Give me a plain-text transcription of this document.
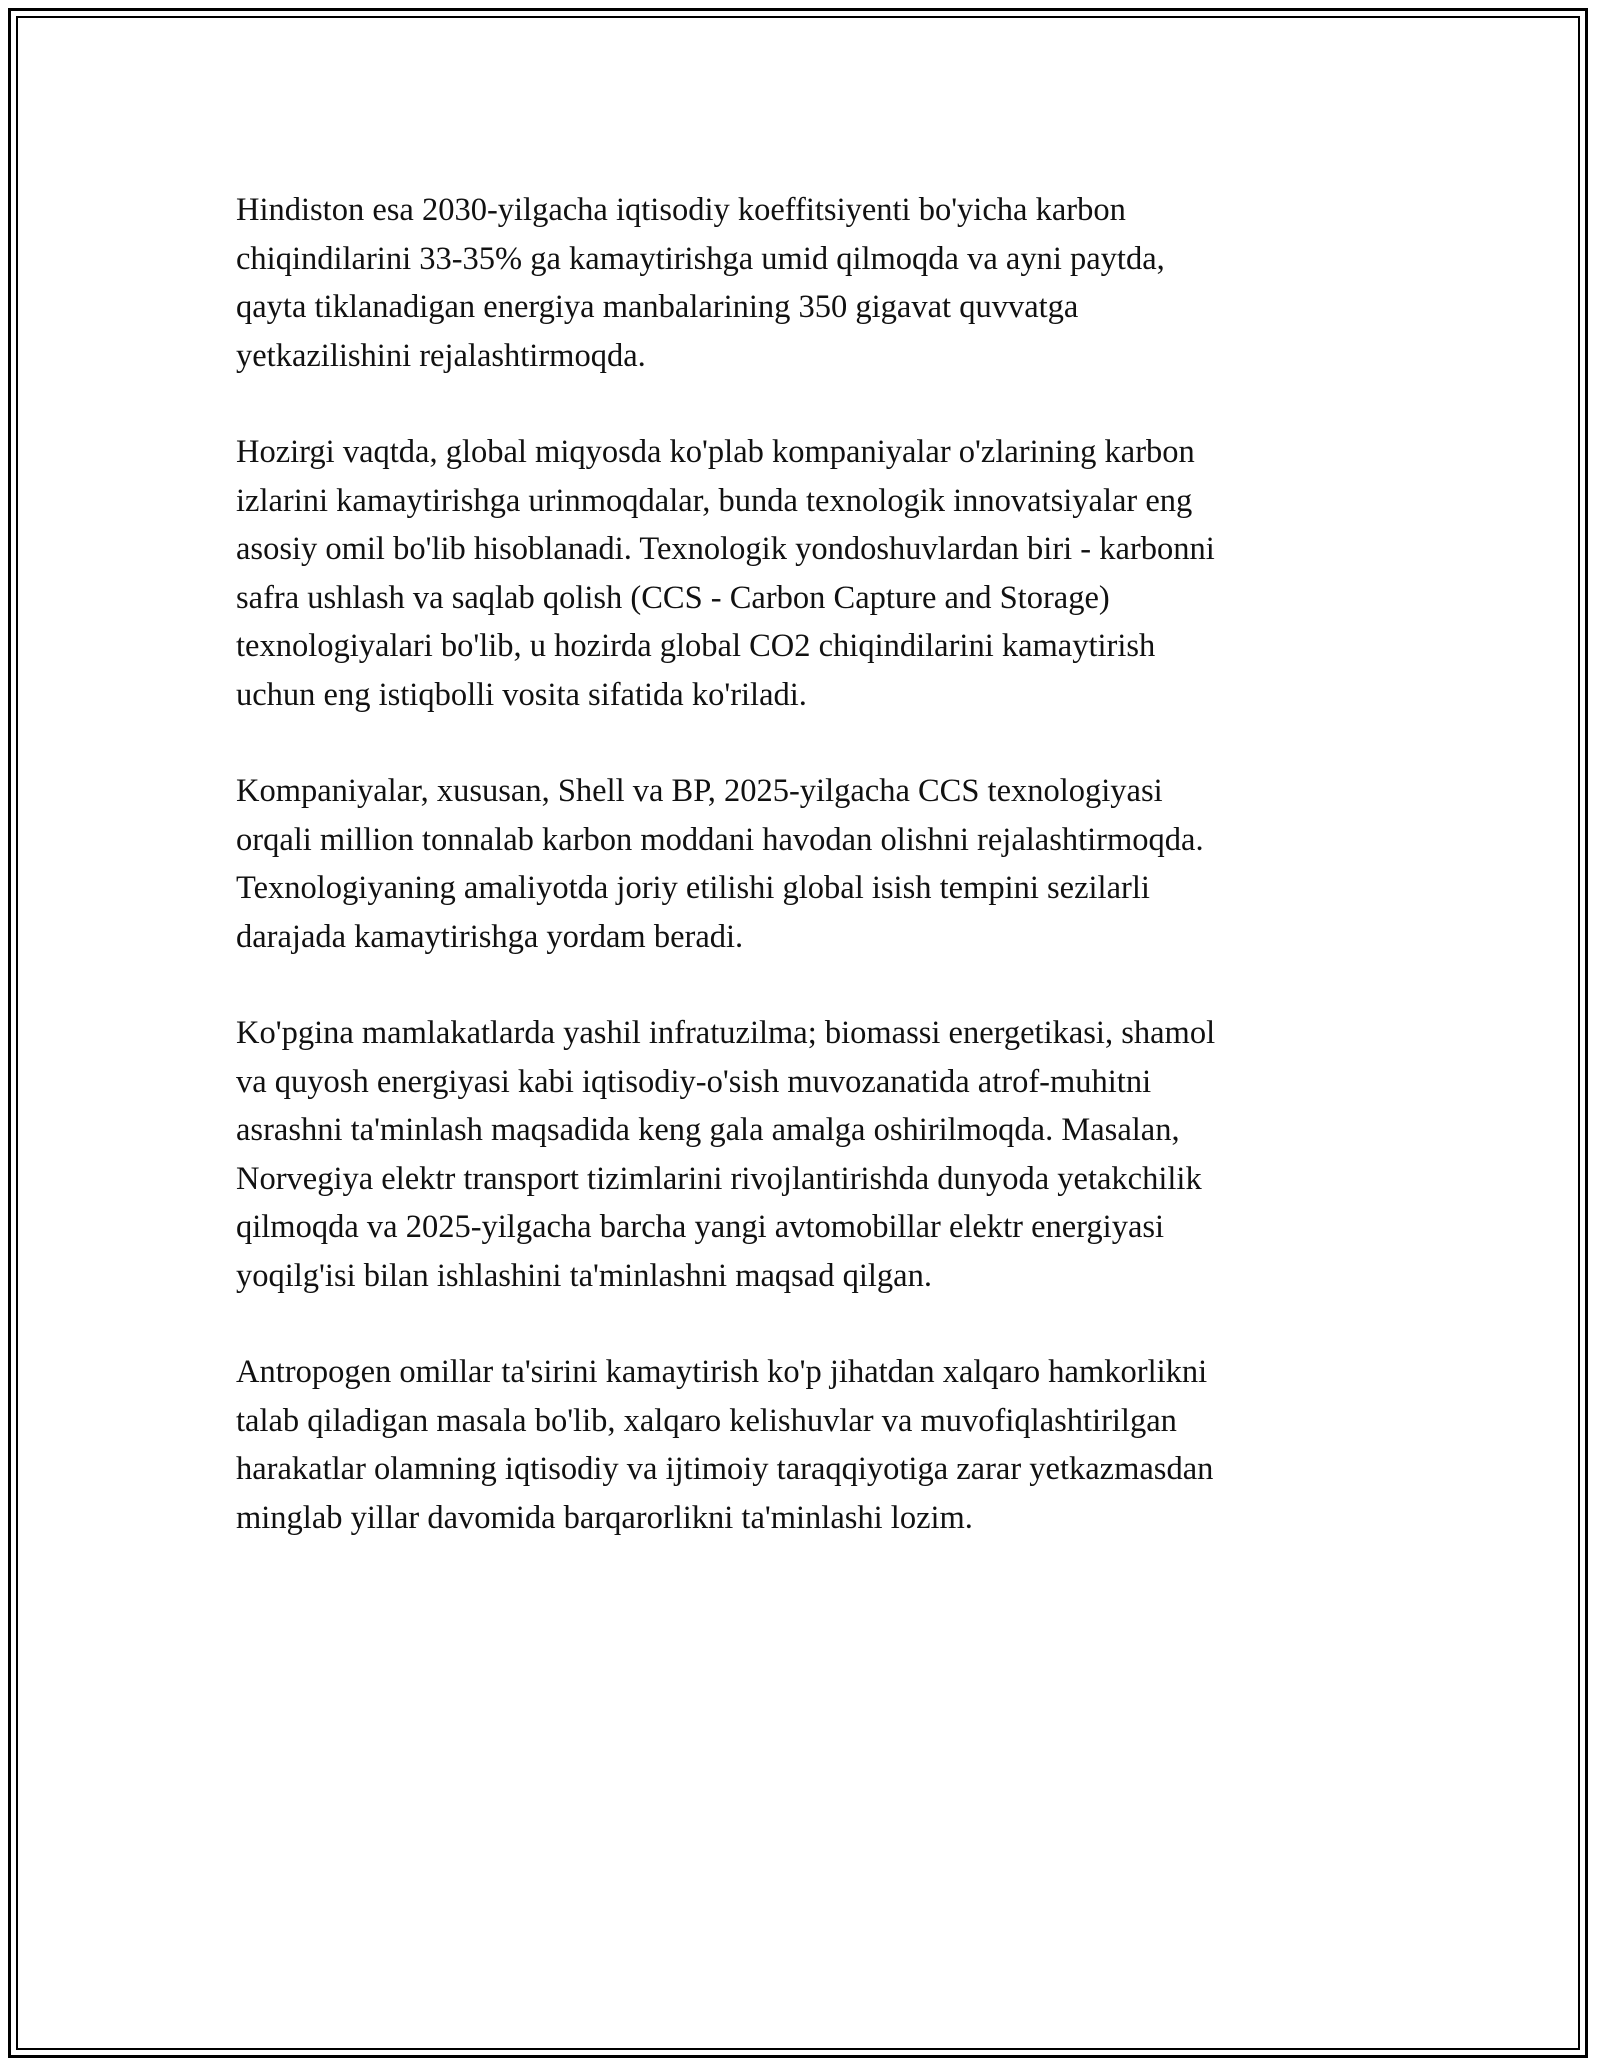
Hindiston esa 2030-yilgacha iqtisodiy koeffitsiyenti bo'yicha karbon
chiqindilarini 33-35% ga kamaytirishga umid qilmoqda va ayni paytda,
qayta tiklanadigan energiya manbalarining 350 gigavat quvvatga
yetkazilishini rejalashtirmoqda.

Hozirgi vaqtda, global miqyosda ko'plab kompaniyalar o'zlarining karbon
izlarini kamaytirishga urinmoqdalar, bunda texnologik innovatsiyalar eng
asosiy omil bo'lib hisoblanadi. Texnologik yondoshuvlardan biri - karbonni
safra ushlash va saqlab qolish (CCS - Carbon Capture and Storage)
texnologiyalari bo'lib, u hozirda global CO2 chiqindilarini kamaytirish
uchun eng istiqbolli vosita sifatida ko'riladi.

Kompaniyalar, xususan, Shell va BP, 2025-yilgacha CCS texnologiyasi
orqali million tonnalab karbon moddani havodan olishni rejalashtirmoqda.
Texnologiyaning amaliyotda joriy etilishi global isish tempini sezilarli
darajada kamaytirishga yordam beradi.

Ko'pgina mamlakatlarda yashil infratuzilma; biomassi energetikasi, shamol
va quyosh energiyasi kabi iqtisodiy-o'sish muvozanatida atrof-muhitni
asrashni ta'minlash maqsadida keng gala amalga oshirilmoqda. Masalan,
Norvegiya elektr transport tizimlarini rivojlantirishda dunyoda yetakchilik
qilmoqda va 2025-yilgacha barcha yangi avtomobillar elektr energiyasi
yoqilg'isi bilan ishlashini ta'minlashni maqsad qilgan.

Antropogen omillar ta'sirini kamaytirish ko'p jihatdan xalqaro hamkorlikni
talab qiladigan masala bo'lib, xalqaro kelishuvlar va muvofiqlashtirilgan
harakatlar olamning iqtisodiy va ijtimoiy taraqqiyotiga zarar yetkazmasdan
minglab yillar davomida barqarorlikni ta'minlashi lozim.
